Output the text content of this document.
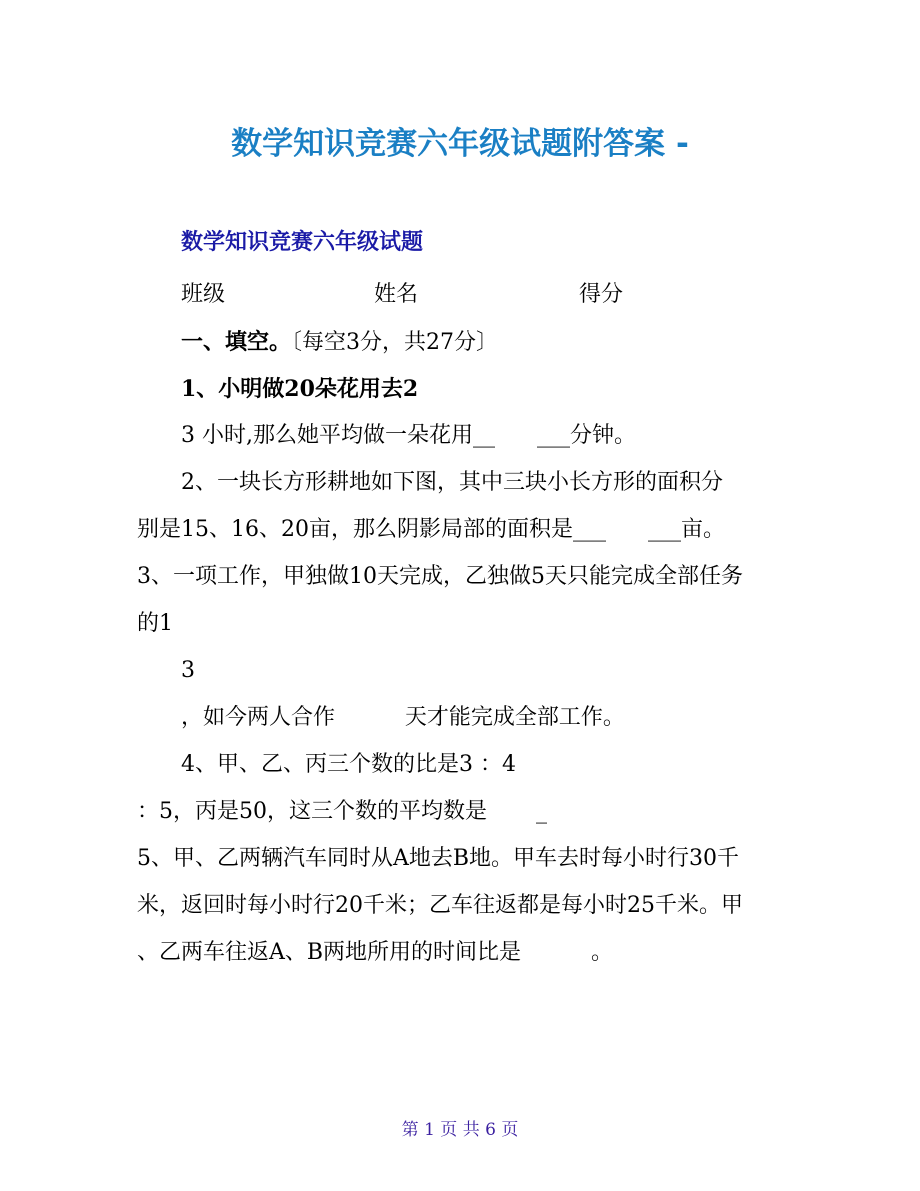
数学知识竞赛六年级试题附答案 -
数学知识竞赛六年级试题
班级	姓名	得分
一、填空。〔每空3分，共27分〕
1、小明做20朵花用去2
3 小时,那么她平均做一朵花用__      ___分钟。
2、一块长方形耕地如下图，其中三块小长方形的面积分
别是15、16、20亩，那么阴影局部的面积是___      ___亩。
3、一项工作，甲独做10天完成，乙独做5天只能完成全部任务
的1
3
，如今两人合作          天才能完成全部工作。
4、甲、乙、丙三个数的比是3 ：4
：5，丙是50，这三个数的平均数是       _
5、甲、乙两辆汽车同时从A地去B地。甲车去时每小时行30千
米，返回时每小时行20千米；乙车往返都是每小时25千米。甲
、乙两车往返A、B两地所用的时间比是          。
第 1 页 共 6 页
